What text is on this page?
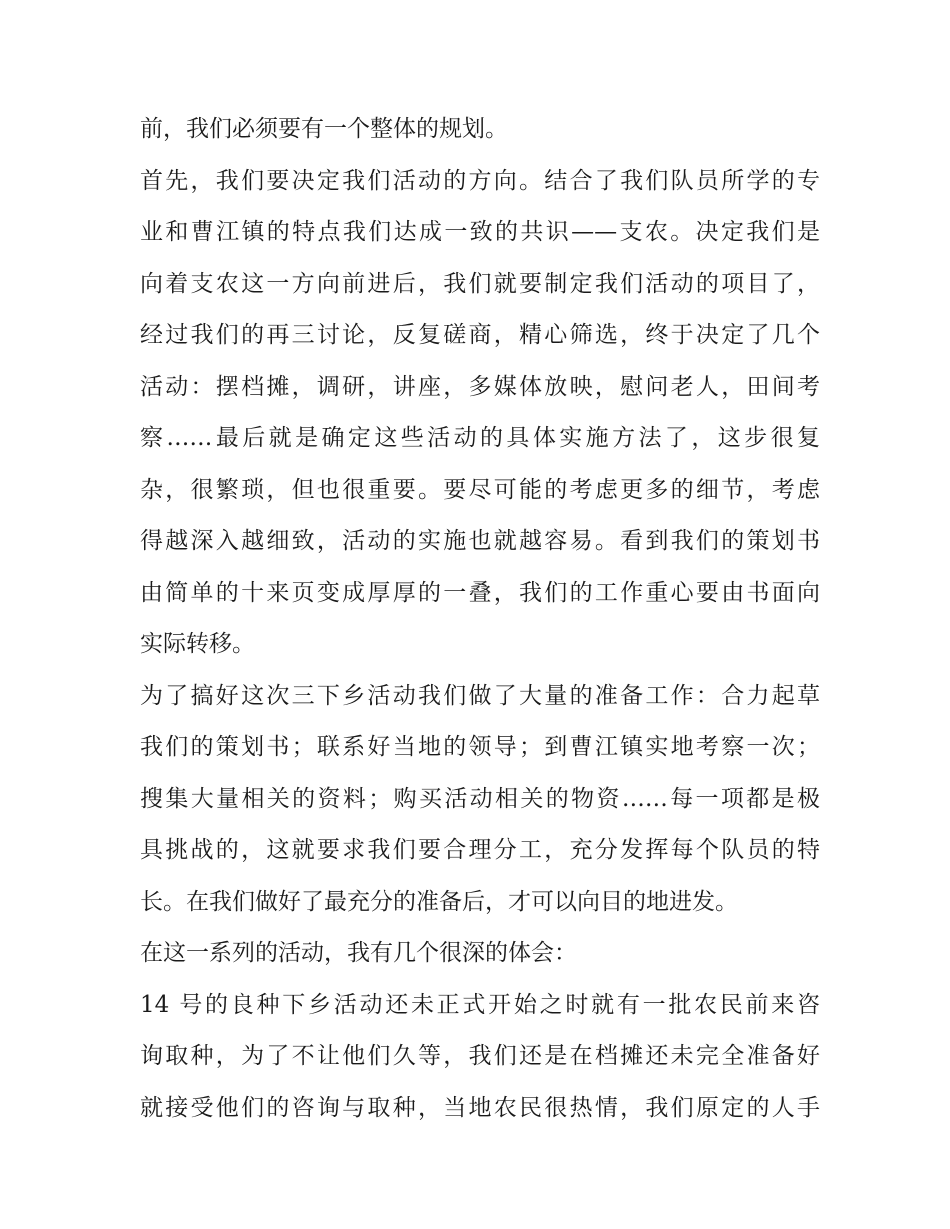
前，我们必须要有一个整体的规划。
首先，我们要决定我们活动的方向。结合了我们队员所学的专
业和曹江镇的特点我们达成一致的共识——支农。决定我们是
向着支农这一方向前进后，我们就要制定我们活动的项目了，
经过我们的再三讨论，反复磋商，精心筛选，终于决定了几个
活动：摆档摊，调研，讲座，多媒体放映，慰问老人，田间考
察……最后就是确定这些活动的具体实施方法了，这步很复
杂，很繁琐，但也很重要。要尽可能的考虑更多的细节，考虑
得越深入越细致，活动的实施也就越容易。看到我们的策划书
由简单的十来页变成厚厚的一叠，我们的工作重心要由书面向
实际转移。
为了搞好这次三下乡活动我们做了大量的准备工作：合力起草
我们的策划书；联系好当地的领导；到曹江镇实地考察一次；
搜集大量相关的资料；购买活动相关的物资……每一项都是极
具挑战的，这就要求我们要合理分工，充分发挥每个队员的特
长。在我们做好了最充分的准备后，才可以向目的地进发。
在这一系列的活动，我有几个很深的体会：
14 号的良种下乡活动还未正式开始之时就有一批农民前来咨
询取种，为了不让他们久等，我们还是在档摊还未完全准备好
就接受他们的咨询与取种，当地农民很热情，我们原定的人手
